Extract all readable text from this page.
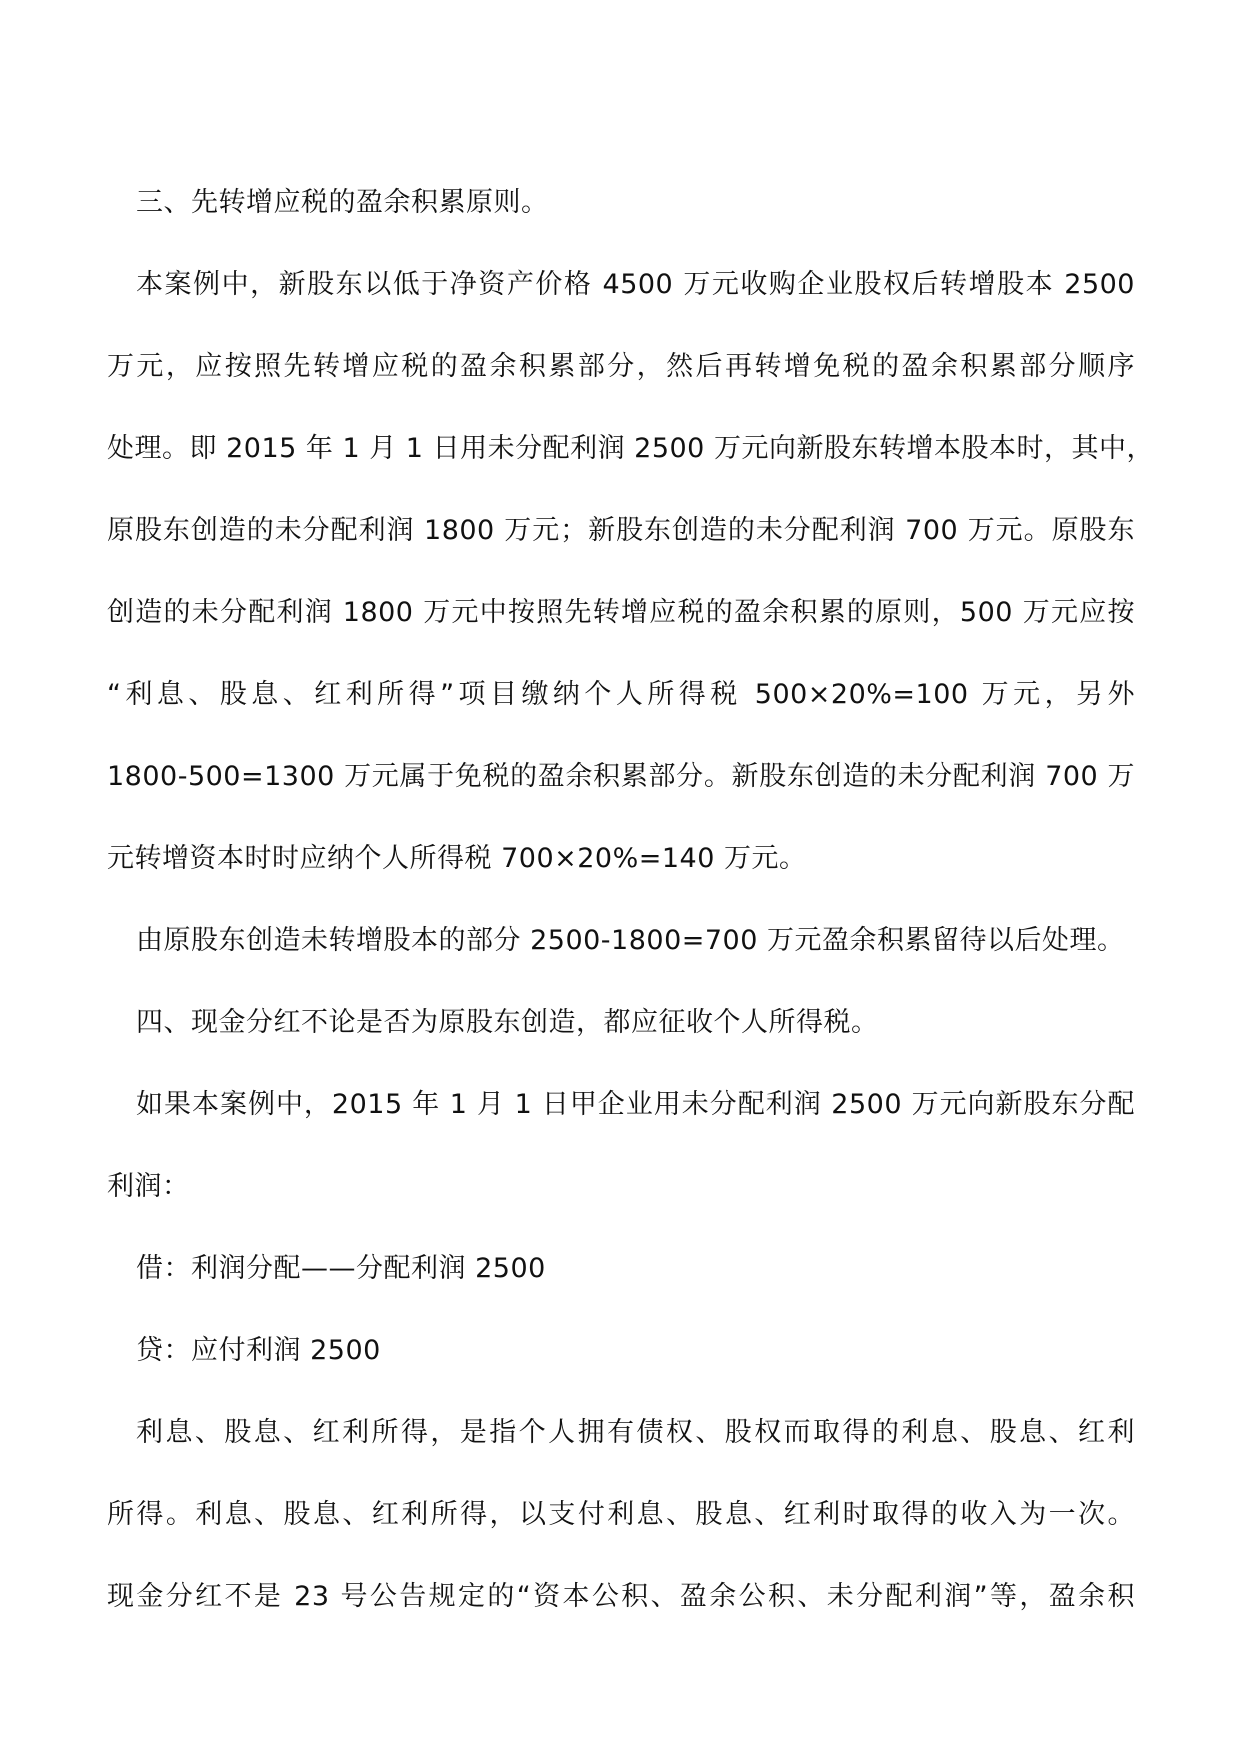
三、先转增应税的盈余积累原则。
本案例中，新股东以低于净资产价格 4500 万元收购企业股权后转增股本 2500
万元，应按照先转增应税的盈余积累部分，然后再转增免税的盈余积累部分顺序
处理。即 2015 年 1 月 1 日用未分配利润 2500 万元向新股东转增本股本时，其中，
原股东创造的未分配利润 1800 万元；新股东创造的未分配利润 700 万元。原股东
创造的未分配利润 1800 万元中按照先转增应税的盈余积累的原则，500 万元应按
“利息、股息、红利所得”项目缴纳个人所得税 500×20%=100 万元，另外
1800-500=1300 万元属于免税的盈余积累部分。新股东创造的未分配利润 700 万
元转增资本时时应纳个人所得税 700×20%=140 万元。
由原股东创造未转增股本的部分 2500-1800=700 万元盈余积累留待以后处理。
四、现金分红不论是否为原股东创造，都应征收个人所得税。
如果本案例中，2015 年 1 月 1 日甲企业用未分配利润 2500 万元向新股东分配
利润：
借：利润分配——分配利润 2500
贷：应付利润 2500
利息、股息、红利所得，是指个人拥有债权、股权而取得的利息、股息、红利
所得。利息、股息、红利所得，以支付利息、股息、红利时取得的收入为一次。
现金分红不是 23 号公告规定的“资本公积、盈余公积、未分配利润”等，盈余积
